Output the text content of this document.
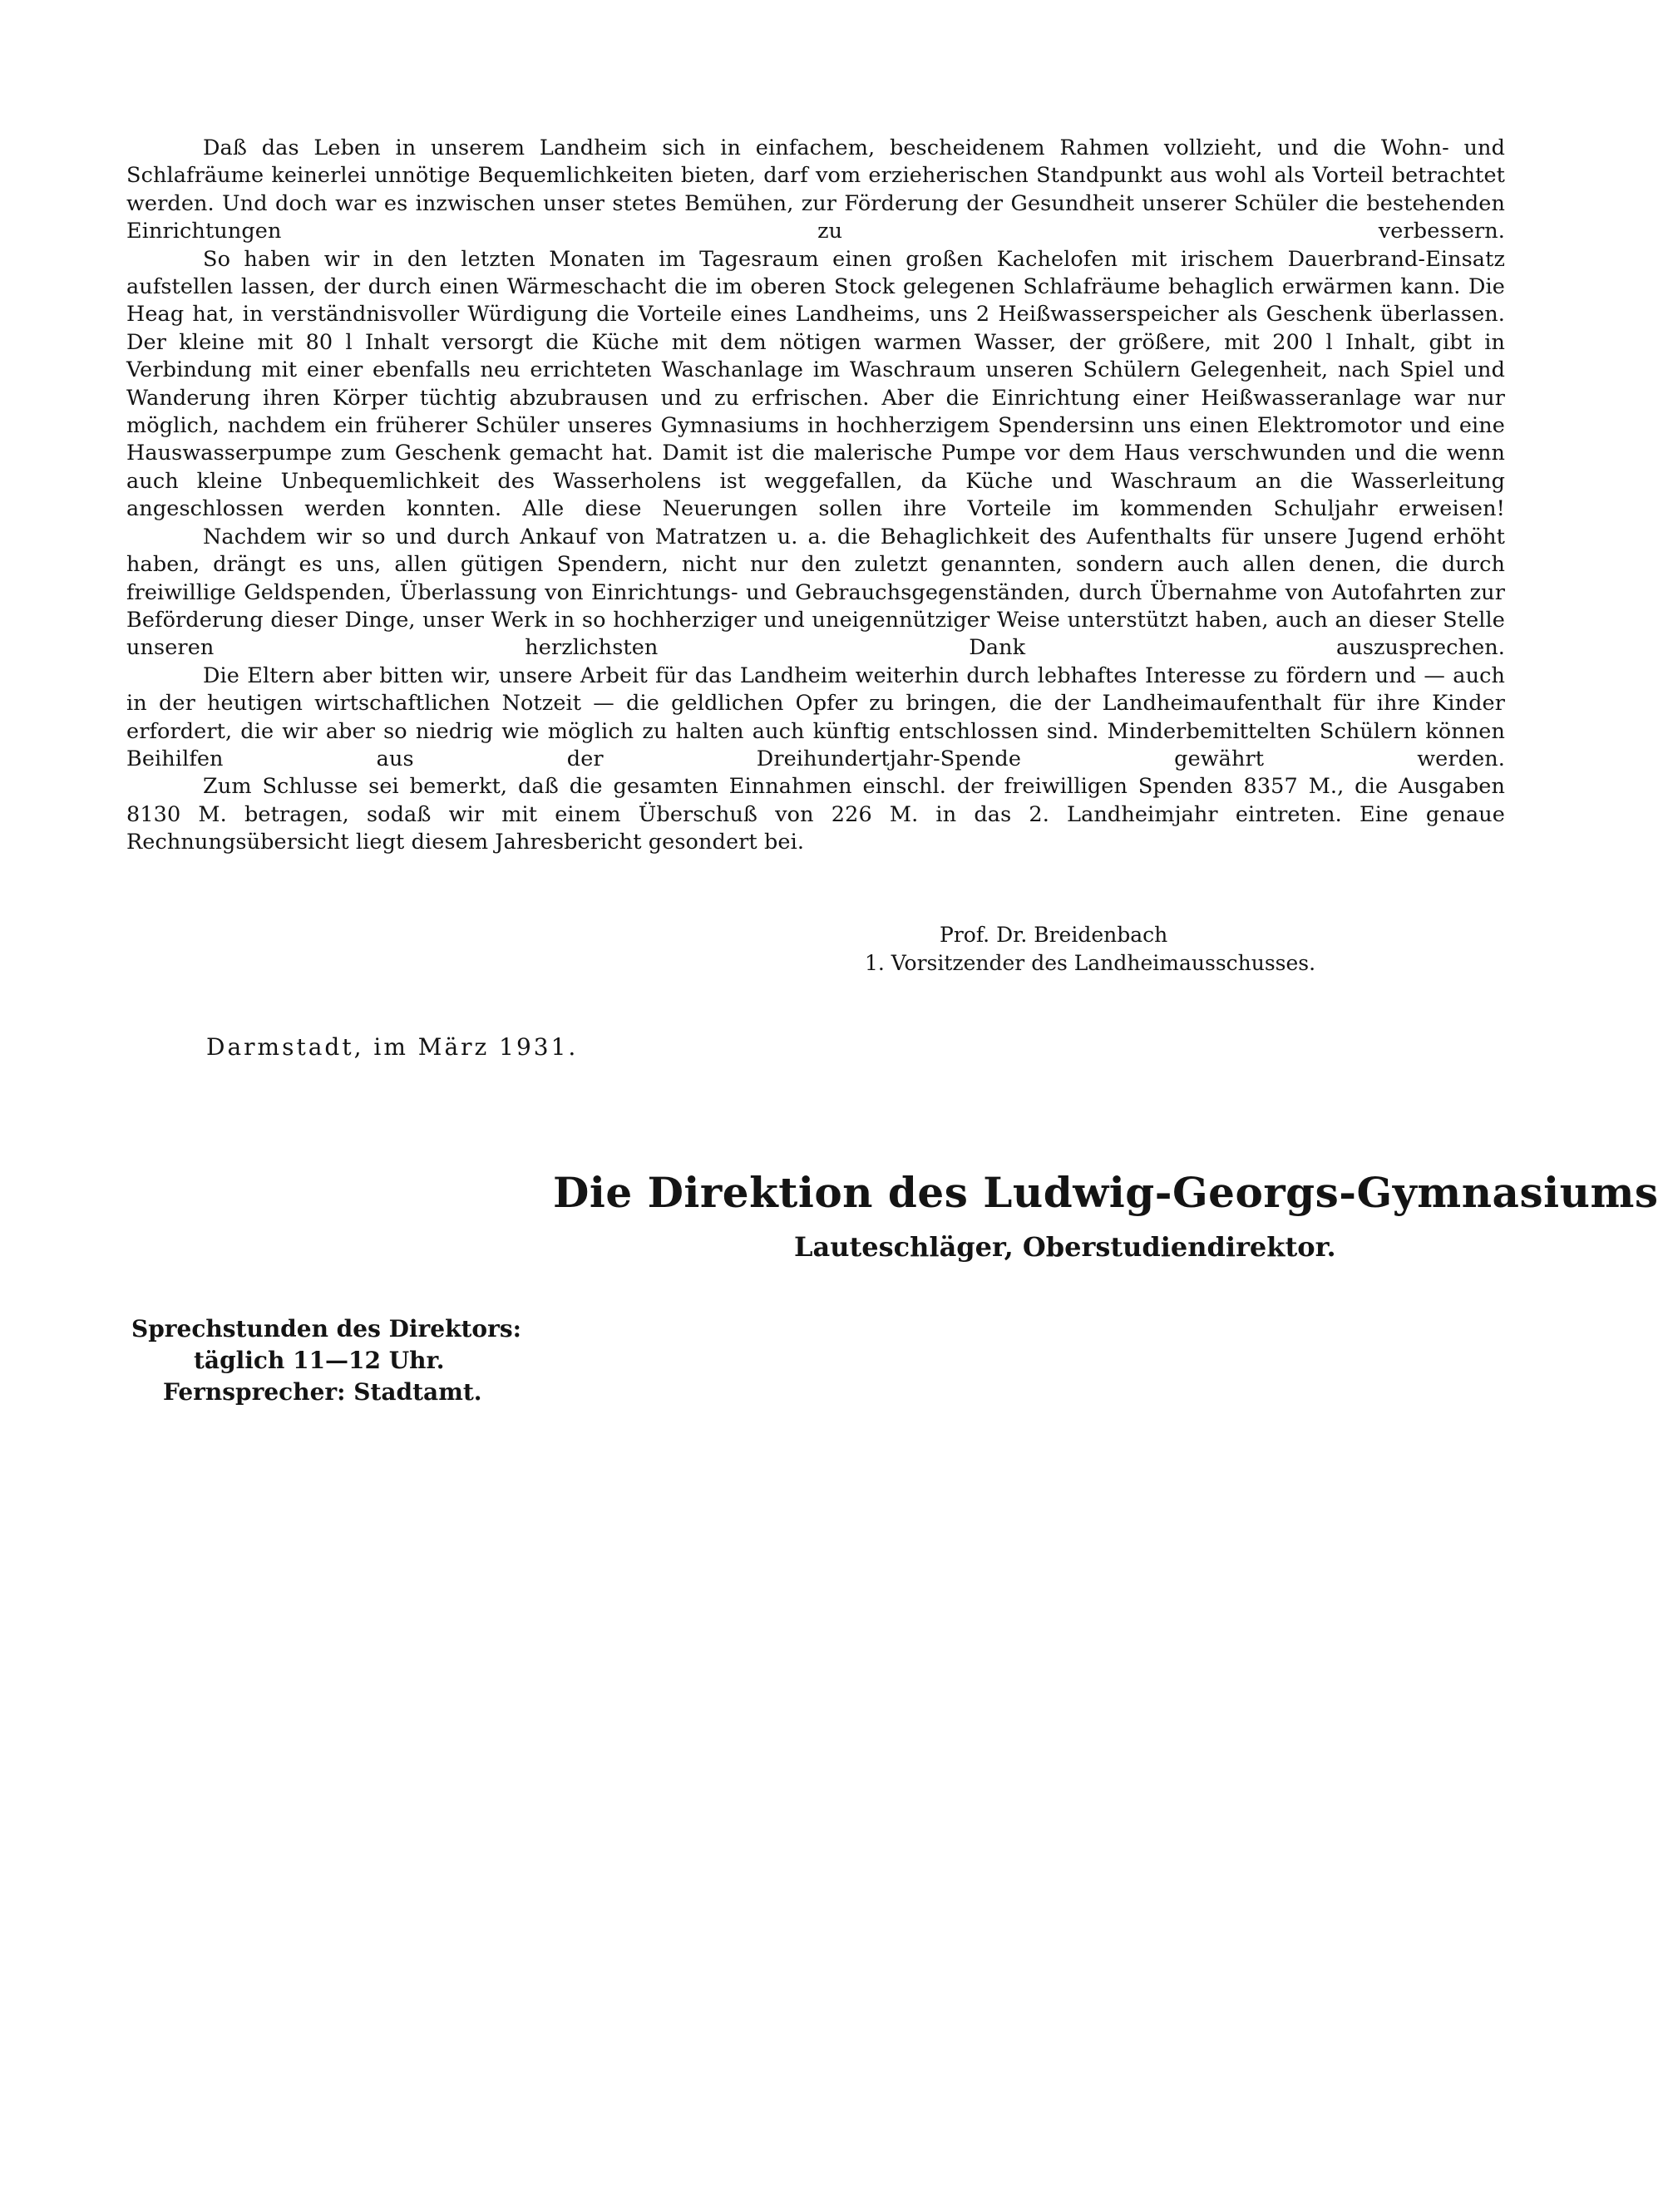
Daß das Leben in unserem Landheim sich in einfachem, bescheidenem Rahmen vollzieht, und die Wohn- und Schlafräume keinerlei unnötige Bequemlichkeiten bieten, darf vom erzieherischen Standpunkt aus wohl als Vorteil betrachtet werden. Und doch war es inzwischen unser stetes Bemühen, zur Förderung der Gesundheit unserer Schüler die bestehenden Einrichtungen zu verbessern.

So haben wir in den letzten Monaten im Tagesraum einen großen Kachelofen mit irischem Dauerbrand-Einsatz aufstellen lassen, der durch einen Wärmeschacht die im oberen Stock gelegenen Schlafräume behaglich erwärmen kann. Die Heag hat, in verständnisvoller Würdigung die Vorteile eines Landheims, uns 2 Heißwasserspeicher als Geschenk überlassen. Der kleine mit 80 l Inhalt versorgt die Küche mit dem nötigen warmen Wasser, der größere, mit 200 l Inhalt, gibt in Verbindung mit einer ebenfalls neu errichteten Waschanlage im Waschraum unseren Schülern Gelegenheit, nach Spiel und Wanderung ihren Körper tüchtig abzubrausen und zu erfrischen. Aber die Einrichtung einer Heißwasseranlage war nur möglich, nachdem ein früherer Schüler unseres Gymnasiums in hochherzigem Spendersinn uns einen Elektromotor und eine Hauswasserpumpe zum Geschenk gemacht hat. Damit ist die malerische Pumpe vor dem Haus verschwunden und die wenn auch kleine Unbequemlichkeit des Wasserholens ist weggefallen, da Küche und Waschraum an die Wasserleitung angeschlossen werden konnten. Alle diese Neuerungen sollen ihre Vorteile im kommenden Schuljahr erweisen!

Nachdem wir so und durch Ankauf von Matratzen u. a. die Behaglichkeit des Aufenthalts für unsere Jugend erhöht haben, drängt es uns, allen gütigen Spendern, nicht nur den zuletzt genannten, sondern auch allen denen, die durch freiwillige Geldspenden, Überlassung von Einrichtungs- und Gebrauchsgegenständen, durch Übernahme von Autofahrten zur Beförderung dieser Dinge, unser Werk in so hochherziger und uneigennütziger Weise unterstützt haben, auch an dieser Stelle unseren herzlichsten Dank auszusprechen.

Die Eltern aber bitten wir, unsere Arbeit für das Landheim weiterhin durch lebhaftes Interesse zu fördern und — auch in der heutigen wirtschaftlichen Notzeit — die geldlichen Opfer zu bringen, die der Landheimaufenthalt für ihre Kinder erfordert, die wir aber so niedrig wie möglich zu halten auch künftig entschlossen sind. Minderbemittelten Schülern können Beihilfen aus der Dreihundertjahr-Spende gewährt werden.

Zum Schlusse sei bemerkt, daß die gesamten Einnahmen einschl. der freiwilligen Spenden 8357 M., die Ausgaben 8130 M. betragen, sodaß wir mit einem Überschuß von 226 M. in das 2. Landheimjahr eintreten. Eine genaue Rechnungsübersicht liegt diesem Jahresbericht gesondert bei.

Prof. Dr. Breidenbach
1. Vorsitzender des Landheimausschusses.
Darmstadt, im März 1931.
Die Direktion des Ludwig-Georgs-Gymnasiums
Lauteschläger, Oberstudiendirektor.
Sprechstunden des Direktors:
täglich 11—12 Uhr.
Fernsprecher: Stadtamt.
